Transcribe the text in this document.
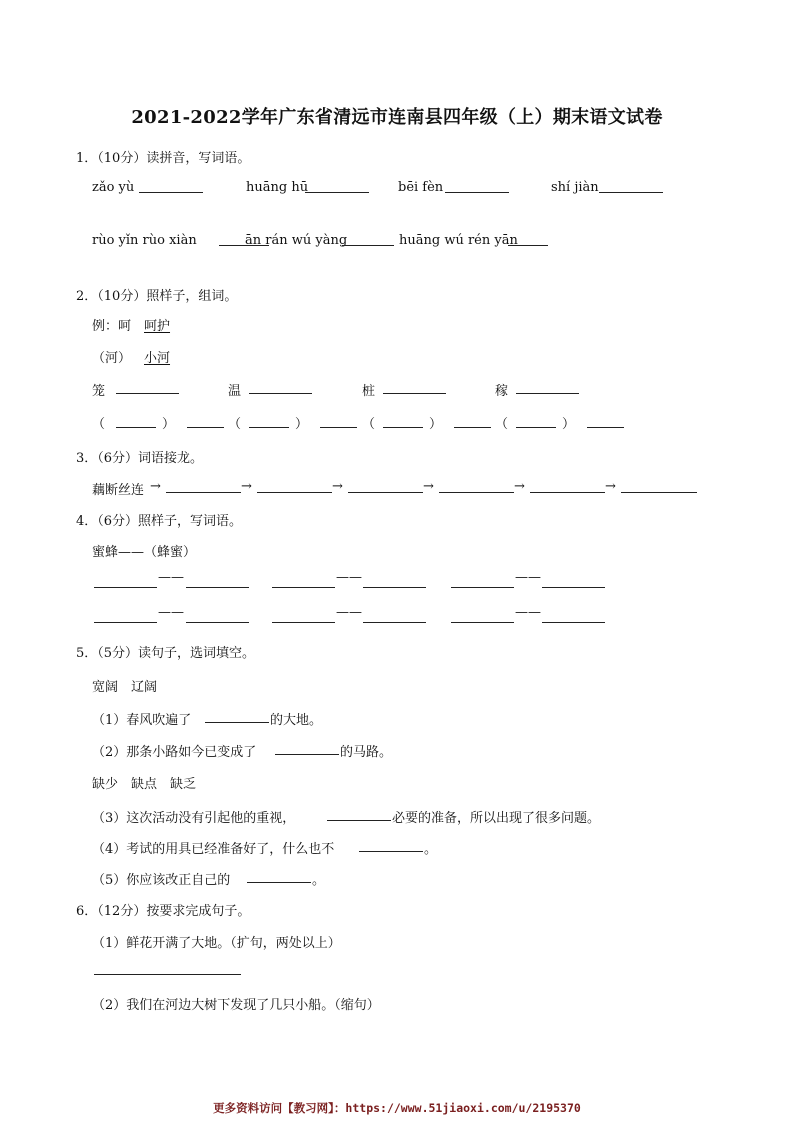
2021-2022学年广东省清远市连南县四年级（上）期末语文试卷
1．（10分）读拼音，写词语。
zǎo yù	huāng hū	bēi fèn	shí jiàn
rùo yǐn rùo xiàn	ān rán wú yàng	huāng wú rén yān
2．（10分）照样子，组词。
例：呵 呵护
（河） 小河
笼	温	桩	稼
（	）	（	）	（	）	（	）
3．（6分）词语接龙。
藕断丝连 →	→	→	→	→	→
4．（6分）照样子，写词语。
蜜蜂——（蜂蜜）
——	——	——
——	——	——
5．（5分）读句子，选词填空。
宽阔　辽阔
（1）春风吹遍了	的大地。
（2）那条小路如今已变成了	的马路。
缺少　缺点　缺乏
（3）这次活动没有引起他的重视，	必要的准备，所以出现了很多问题。
（4）考试的用具已经准备好了，什么也不	。
（5）你应该改正自己的	。
6．（12分）按要求完成句子。
（1）鲜花开满了大地。（扩句，两处以上）
（2）我们在河边大树下发现了几只小船。（缩句）
更多资料访问【教习网】：https://www.51jiaoxi.com/u/2195370
